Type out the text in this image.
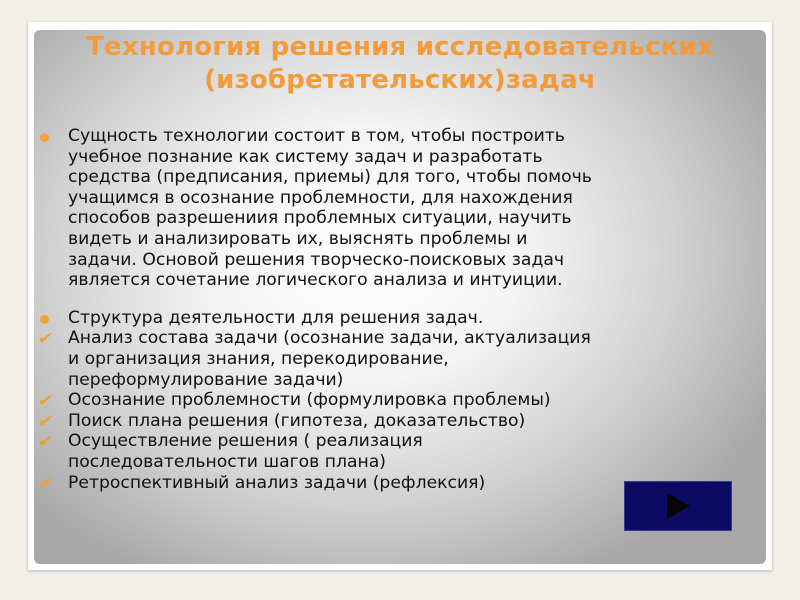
Технология решения исследовательских
(изобретательских)задач
Сущность технологии состоит в том, чтобы построить
учебное познание как систему задач и разработать
средства (предписания, приемы) для того, чтобы помочь
учащимся в осознание проблемности, для нахождения
способов разрешениия проблемных ситуации, научить
видеть и анализировать их, выяснять проблемы и
задачи. Основой решения творческо-поисковых задач
является сочетание логического анализа и интуиции.
Структура деятельности для решения задач.
✔ Анализ состава задачи (осознание задачи, актуализация
и организация знания, перекодирование,
переформулирование задачи)
✔ Осознание проблемности (формулировка проблемы)
✔ Поиск плана решения (гипотеза, доказательство)
✔ Осуществление решения ( реализация
последовательности шагов плана)
✔ Ретроспективный анализ задачи (рефлексия)
